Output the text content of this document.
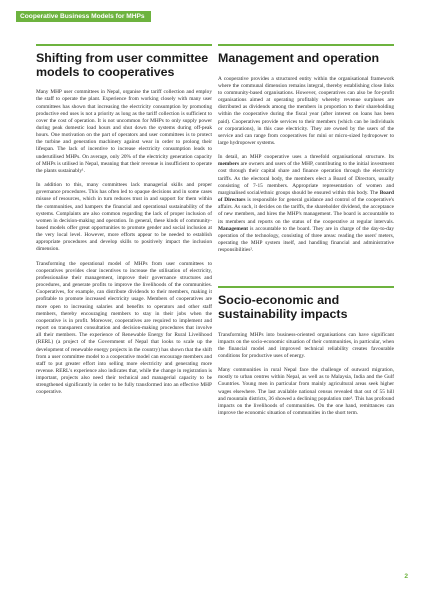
Cooperative Business Models for MHPs
Shifting from user committee models to cooperatives

Many MHP user committees in Nepal, organise the tariff collection and employ the staff to operate the plant. Experience from working closely with many user committees has shown that increasing the electricity consumption by promoting productive end uses is not a priority as long as the tariff collection is sufficient to cover the cost of operation. It is not uncommon for MHPs to only supply power during peak domestic load hours and shut down the systems during off-peak hours. One motivation on the part of operators and user committees is to protect the turbine and generation machinery against wear in order to prolong their lifespan. The lack of incentive to increase electricity consumption leads to underutilised MHPs. On average, only 20% of the electricity generation capacity of MHPs is utilised in Nepal, meaning that their revenue is insufficient to operate the plants sustainably¹.

In addition to this, many committees lack managerial skills and proper governance procedures. This has often led to opaque decisions and in some cases misuse of resources, which in turn reduces trust in and support for them within the communities, and hampers the financial and operational sustainability of the systems. Complaints are also common regarding the lack of proper inclusion of women in decision-making and operation. In general, these kinds of community-based models offer great opportunities to promote gender and social inclusion at the very local level. However, more efforts appear to be needed to establish appropriate procedures and develop skills to positively impact the inclusion dimension.

Transforming the operational model of MHPs from user committees to cooperatives provides clear incentives to increase the utilisation of electricity, professionalise their management, improve their governance structures and procedures, and generate profits to improve the livelihoods of the communities. Cooperatives, for example, can distribute dividends to their members, making it profitable to promote increased electricity usage. Members of cooperatives are more open to increasing salaries and benefits to operators and other staff members, thereby encouraging members to stay in their jobs when the cooperative is in profit. Moreover, cooperatives are required to implement and report on transparent consultation and decision-making procedures that involve all their members. The experience of Renewable Energy for Rural Livelihood (RERL) (a project of the Government of Nepal that looks to scale up the development of renewable energy projects in the country) has shown that the shift from a user committee model to a cooperative model can encourage members and staff to put greater effort into selling more electricity and generating more revenue. RERL's experience also indicates that, while the change in registration is important, projects also need their technical and managerial capacity to be strengthened significantly in order to be fully transformed into an effective MHP cooperative.

Management and operation

A cooperative provides a structured entity within the organisational framework where the communal dimension remains integral, thereby establishing close links to community-based organisations. However, cooperatives can also be for-profit organisations aimed at operating profitably whereby revenue surpluses are distributed as dividends among the members in proportion to their shareholding within the cooperative during the fiscal year (after interest on loans has been paid). Cooperatives provide services to their members (which can be individuals or corporations), in this case electricity. They are owned by the users of the service and can range from cooperatives for mini or micro-sized hydropower to large hydropower systems.

In detail, an MHP cooperative uses a threefold organisational structure. Its members are owners and users of the MHP, contributing to the initial investment cost through their capital share and finance operation through the electricity tariffs. As the electoral body, the members elect a Board of Directors, usually consisting of 7-15 members. Appropriate representation of women and marginalised social/ethnic groups should be ensured within this body. The Board of Directors is responsible for general guidance and control of the cooperative's affairs. As such, it decides on the tariffs, the shareholder dividend, the acceptance of new members, and hires the MHP's management. The board is accountable to its members and reports on the status of the cooperative at regular intervals. Management is accountable to the board. They are in charge of the day-to-day operation of the technology, consisting of three areas: reading the users' meters, operating the MHP system itself, and handling financial and administrative responsibilities².

Socio-economic and sustainability impacts

Transforming MHPs into business-oriented organisations can have significant impacts on the socio-economic situation of their communities, in particular, when the financial model and improved technical reliability creates favourable conditions for productive uses of energy.

Many communities in rural Nepal face the challenge of outward migration, mostly to urban centres within Nepal, as well as to Malaysia, India and the Gulf Countries. Young men in particular from mainly agricultural areas seek higher wages elsewhere. The last available national census revealed that out of 55 hill and mountain districts, 36 showed a declining population rate³. This has profound impacts on the livelihoods of communities. On the one hand, remittances can improve the economic situation of communities in the short term.

2
